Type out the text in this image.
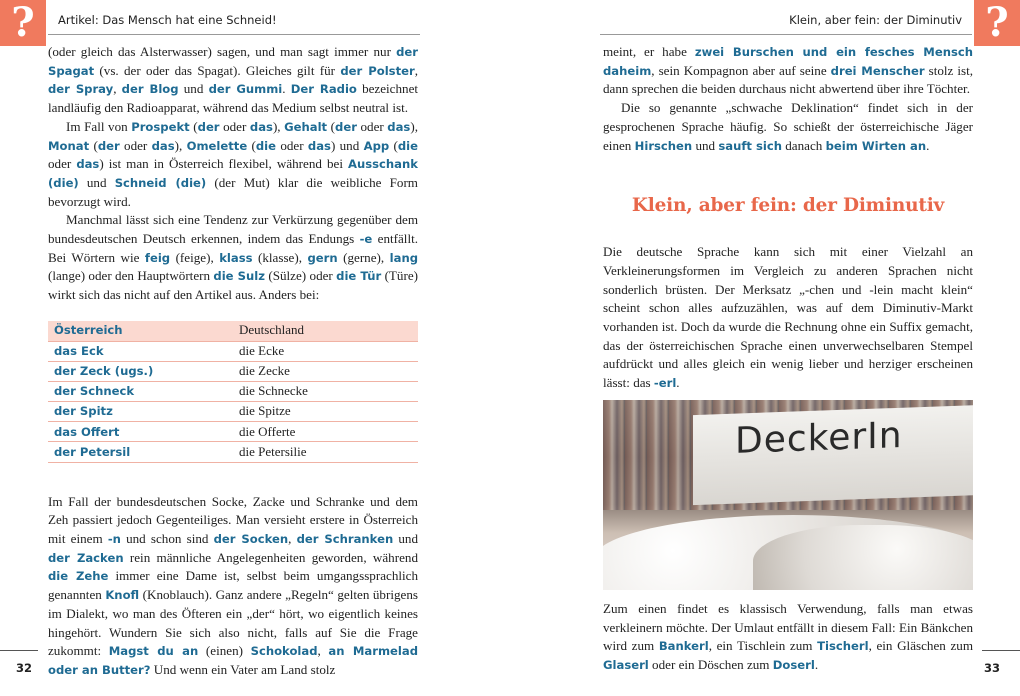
?	Artikel: Das Mensch hat eine Schneid!	?
Klein, aber fein: der Diminutiv

(oder gleich das Alsterwasser) sagen, und man sagt immer nur der Spagat (vs. der oder das Spagat). Gleiches gilt für der Polster, der Spray, der Blog und der Gummi. Der Radio bezeichnet landläufig den Radioapparat, während das Medium selbst neutral ist.

Im Fall von Prospekt (der oder das), Gehalt (der oder das), Monat (der oder das), Omelette (die oder das) und App (die oder das) ist man in Österreich flexibel, während bei Ausschank (die) und Schneid (die) (der Mut) klar die weibliche Form bevorzugt wird.

Manchmal lässt sich eine Tendenz zur Verkürzung gegenüber dem bundesdeutschen Deutsch erkennen, indem das Endungs -e entfällt. Bei Wörtern wie feig (feige), klass (klasse), gern (gerne), lang (lange) oder den Hauptwörtern die Sulz (Sülze) oder die Tür (Türe) wirkt sich das nicht auf den Artikel aus. Anders bei:

Österreich	Deutschland
das Eck	die Ecke
der Zeck (ugs.)	die Zecke
der Schneck	die Schnecke
der Spitz	die Spitze
das Offert	die Offerte
der Petersil	die Petersilie

Im Fall der bundesdeutschen Socke, Zacke und Schranke und dem Zeh passiert jedoch Gegenteiliges. Man versieht erstere in Österreich mit einem -n und schon sind der Socken, der Schranken und der Zacken rein männliche Angelegenheiten geworden, während die Zehe immer eine Dame ist, selbst beim umgangssprachlich genannten Knofl (Knoblauch). Ganz andere „Regeln“ gelten übrigens im Dialekt, wo man des Öfteren ein „der“ hört, wo eigentlich keines hingehört. Wundern Sie sich also nicht, falls auf Sie die Frage zukommt: Magst du an (einen) Schokolad, an Marmelad oder an Butter? Und wenn ein Vater am Land stolz

meint, er habe zwei Burschen und ein fesches Mensch daheim, sein Kompagnon aber auf seine drei Menscher stolz ist, dann sprechen die beiden durchaus nicht abwertend über ihre Töchter.

Die so genannte „schwache Deklination“ findet sich in der gesprochenen Sprache häufig. So schießt der österreichische Jäger einen Hirschen und sauft sich danach beim Wirten an.

Klein, aber fein: der Diminutiv

Die deutsche Sprache kann sich mit einer Vielzahl an Verkleinerungsformen im Vergleich zu anderen Sprachen nicht sonderlich brüsten. Der Merksatz „-chen und -lein macht klein“ scheint schon alles aufzuzählen, was auf dem Diminutiv-Markt vorhanden ist. Doch da wurde die Rechnung ohne ein Suffix gemacht, das der österreichischen Sprache einen unverwechselbaren Stempel aufdrückt und alles gleich ein wenig lieber und herziger erscheinen lässt: das -erl.

DeckerIn

Zum einen findet es klassisch Verwendung, falls man etwas verkleinern möchte. Der Umlaut entfällt in diesem Fall: Ein Bänkchen wird zum Bankerl, ein Tischlein zum Tischerl, ein Gläschen zum Glaserl oder ein Döschen zum Doserl.

32	33
